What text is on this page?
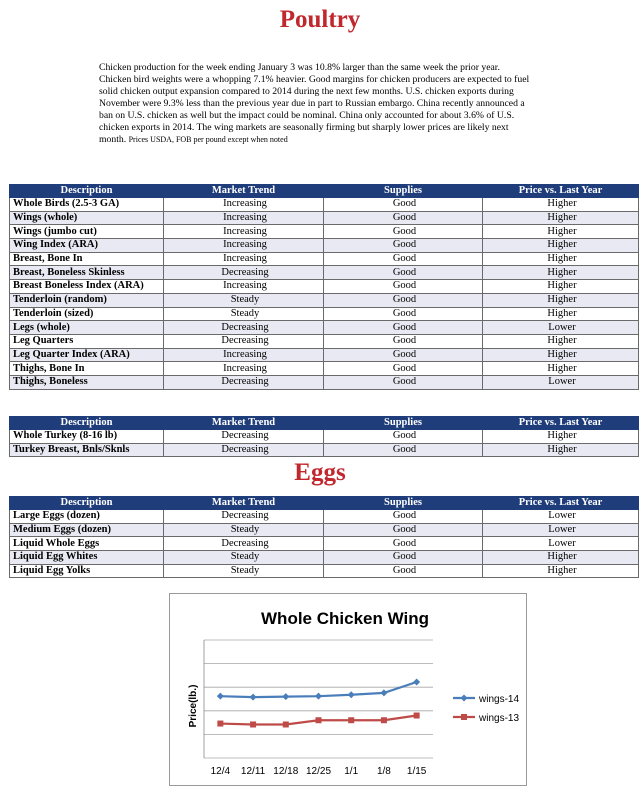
Poultry
Chicken production for the week ending January 3 was 10.8% larger than the same week the prior year. Chicken bird weights were a whopping 7.1% heavier. Good margins for chicken producers are expected to fuel solid chicken output expansion compared to 2014 during the next few months. U.S. chicken exports during November were 9.3% less than the previous year due in part to Russian embargo. China recently announced a ban on U.S. chicken as well but the impact could be nominal. China only accounted for about 3.6% of U.S. chicken exports in 2014. The wing markets are seasonally firming but sharply lower prices are likely next month. Prices USDA, FOB per pound except when noted
Description	Market Trend	Supplies	Price vs. Last Year
Whole Birds (2.5-3 GA)	Increasing	Good	Higher
Wings (whole)	Increasing	Good	Higher
Wings (jumbo cut)	Increasing	Good	Higher
Wing Index (ARA)	Increasing	Good	Higher
Breast, Bone In	Increasing	Good	Higher
Breast, Boneless Skinless	Decreasing	Good	Higher
Breast Boneless Index (ARA)	Increasing	Good	Higher
Tenderloin (random)	Steady	Good	Higher
Tenderloin (sized)	Steady	Good	Higher
Legs (whole)	Decreasing	Good	Lower
Leg Quarters	Decreasing	Good	Higher
Leg Quarter Index (ARA)	Increasing	Good	Higher
Thighs, Bone In	Increasing	Good	Higher
Thighs, Boneless	Decreasing	Good	Lower
Description	Market Trend	Supplies	Price vs. Last Year
Whole Turkey (8-16 lb)	Decreasing	Good	Higher
Turkey Breast, Bnls/Sknls	Decreasing	Good	Higher
Eggs
Description	Market Trend	Supplies	Price vs. Last Year
Large Eggs (dozen)	Decreasing	Good	Lower
Medium Eggs (dozen)	Steady	Good	Lower
Liquid Whole Eggs	Decreasing	Good	Lower
Liquid Egg Whites	Steady	Good	Higher
Liquid Egg Yolks	Steady	Good	Higher
Whole Chicken Wing
Price(lb.)
12/4 12/11 12/18 12/25 1/1 1/8 1/15
wings-14
wings-13
